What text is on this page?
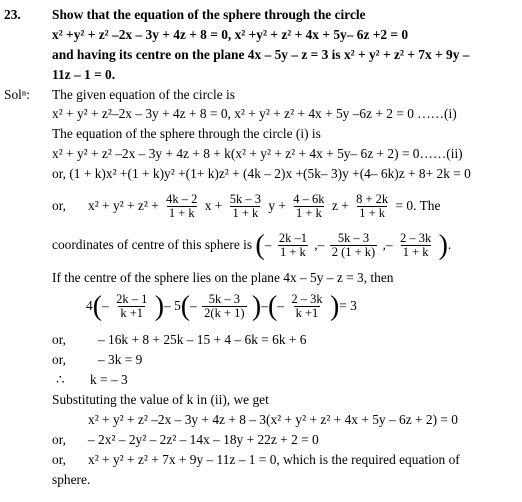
23. Show that the equation of the sphere through the circle
x² +y² + z² –2x – 3y + 4z + 8 = 0, x² +y² + z² + 4x + 5y– 6z +2 = 0
and having its centre on the plane 4x – 5y – z = 3 is x² + y² + z² + 7x + 9y –
11z – 1 = 0.
Solⁿ: The given equation of the circle is
x² + y² + z²–2x – 3y + 4z + 8 = 0, x² + y² + z² + 4x + 5y –6z + 2 = 0 ……(i)
The equation of the sphere through the circle (i) is
x² + y² + z² –2x – 3y + 4z + 8 + k(x² + y² + z² + 4x + 5y– 6z + 2) = 0……(ii)
or, (1 + k)x² +(1 + k)y² +(1+ k)z² + (4k – 2)x +(5k– 3)y +(4– 6k)z + 8+ 2k = 0
or, $x^2 + y^2 + z^2 + \frac{4k - 2}{1 + k}$ $x + \frac{5k - 3}{1 + k}$ $y + \frac{4 - 6k}{1 + k}$ $z + \frac{8 + 2k}{1 + k} = 0$. The
coordinates of centre of this sphere is (– $\frac{2k -1}{1 + k}$ ,– $\frac{5k - 3}{2 (1 + k)}$ ,– $\frac{2 - 3k}{1 + k}$ ).
If the centre of the sphere lies on the plane 4x – 5y – z = 3, then
$4(- \frac{2k - 1}{k +1}$ )– $5(- \frac{5k - 3}{2(k + 1)}$ )–(– $\frac{2 - 3k}{k +1}$ )= 3
or, – 16k + 8 + 25k – 15 + 4 – 6k = 6k + 6
or, – 3k = 9
∴ k = – 3
Substituting the value of k in (ii), we get
x² + y² + z² –2x – 3y + 4z + 8 – 3(x² + y² + z² + 4x + 5y – 6z + 2) = 0
or, – 2x² – 2y² – 2z² – 14x – 18y + 22z + 2 = 0
or, x² + y² + z² + 7x + 9y – 11z – 1 = 0, which is the required equation of
sphere.
